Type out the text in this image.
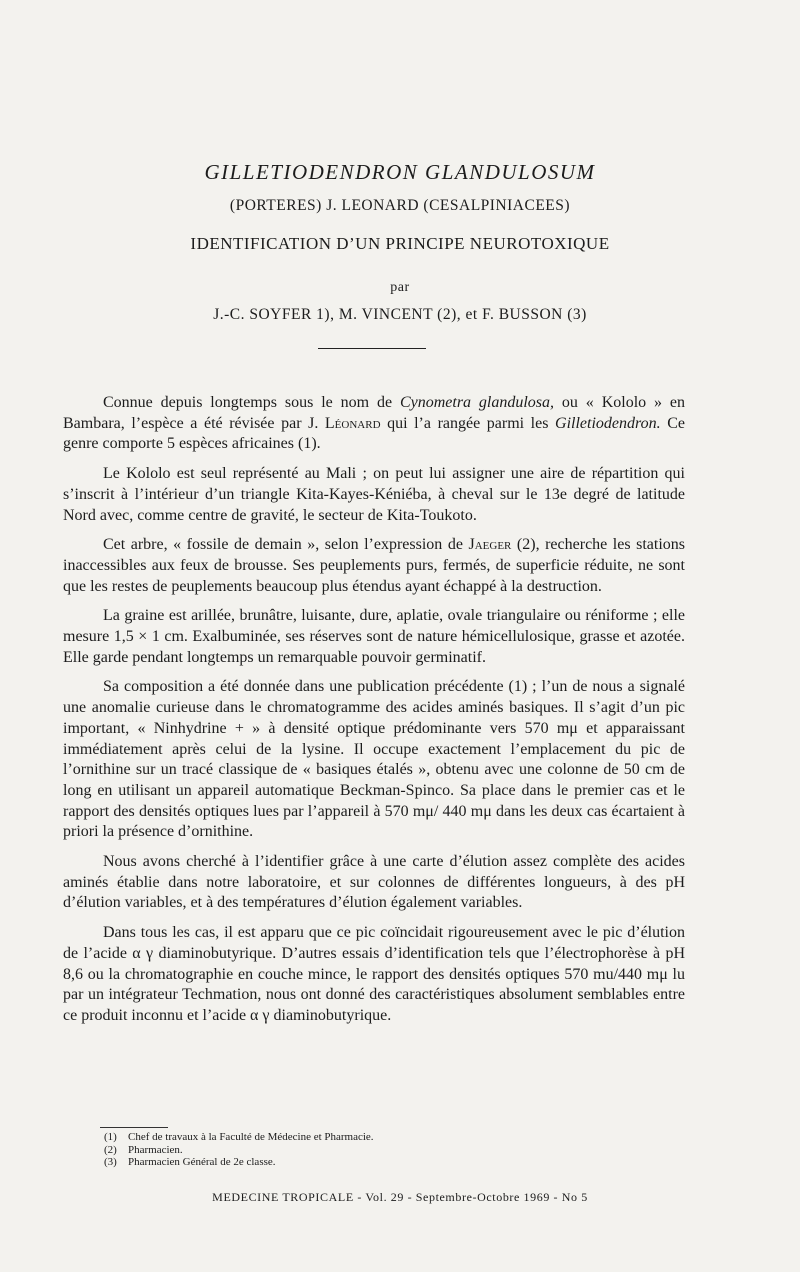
GILLETIODENDRON GLANDULOSUM
(PORTERES) J. LEONARD (CESALPINIACEES)
IDENTIFICATION D’UN PRINCIPE NEUROTOXIQUE
par
J.-C. SOYFER 1), M. VINCENT (2), et F. BUSSON (3)

Connue depuis longtemps sous le nom de Cynometra glandulosa, ou « Kololo » en Bambara, l’espèce a été révisée par J. Léonard qui l’a rangée parmi les Gilletiodendron. Ce genre comporte 5 espèces africaines (1).

Le Kololo est seul représenté au Mali ; on peut lui assigner une aire de répartition qui s’inscrit à l’intérieur d’un triangle Kita-Kayes-Kéniéba, à cheval sur le 13e degré de latitude Nord avec, comme centre de gravité, le secteur de Kita-Toukoto.

Cet arbre, « fossile de demain », selon l’expression de Jaeger (2), recherche les stations inaccessibles aux feux de brousse. Ses peuplements purs, fermés, de superficie réduite, ne sont que les restes de peuplements beaucoup plus étendus ayant échappé à la destruction.

La graine est arillée, brunâtre, luisante, dure, aplatie, ovale triangulaire ou réniforme ; elle mesure 1,5 × 1 cm. Exalbuminée, ses réserves sont de nature hémicellulosique, grasse et azotée. Elle garde pendant longtemps un remarquable pouvoir germinatif.

Sa composition a été donnée dans une publication précédente (1) ; l’un de nous a signalé une anomalie curieuse dans le chromatogramme des acides aminés basiques. Il s’agit d’un pic important, « Ninhydrine + » à densité optique prédominante vers 570 mμ et apparaissant immédiatement après celui de la lysine. Il occupe exactement l’emplacement du pic de l’ornithine sur un tracé classique de « basiques étalés », obtenu avec une colonne de 50 cm de long en utilisant un appareil automatique Beckman-Spinco. Sa place dans le premier cas et le rapport des densités optiques lues par l’appareil à 570 mμ/ 440 mμ dans les deux cas écartaient à priori la présence d’ornithine.

Nous avons cherché à l’identifier grâce à une carte d’élution assez complète des acides aminés établie dans notre laboratoire, et sur colonnes de différentes longueurs, à des pH d’élution variables, et à des températures d’élution également variables.

Dans tous les cas, il est apparu que ce pic coïncidait rigoureusement avec le pic d’élution de l’acide α γ diaminobutyrique. D’autres essais d’identification tels que l’électrophorèse à pH 8,6 ou la chromatographie en couche mince, le rapport des densités optiques 570 mu/440 mμ lu par un intégrateur Techmation, nous ont donné des caractéristiques absolument semblables entre ce produit inconnu et l’acide α γ diaminobutyrique.

(1)	Chef de travaux à la Faculté de Médecine et Pharmacie.
(2)	Pharmacien.
(3)	Pharmacien Général de 2e classe.
MEDECINE TROPICALE - Vol. 29 - Septembre-Octobre 1969 - No 5
